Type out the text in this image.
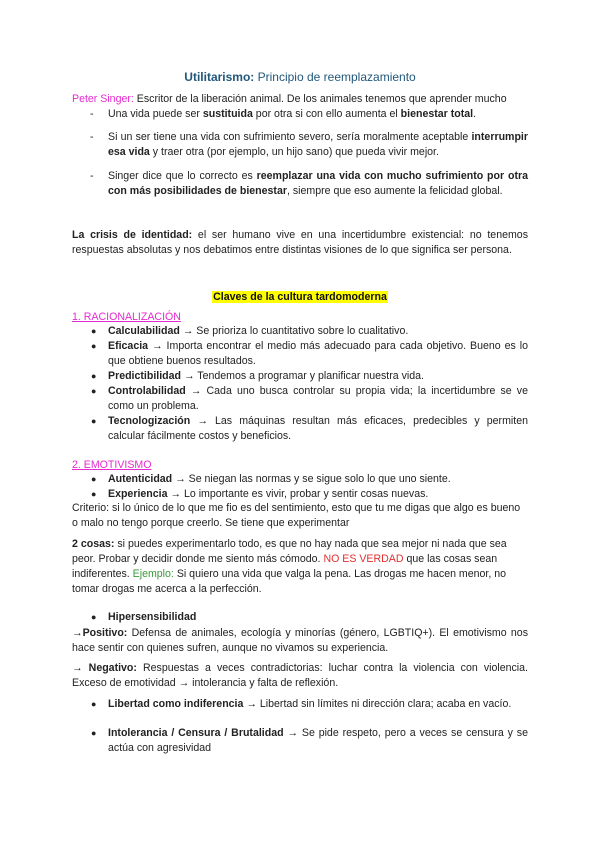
Utilitarismo: Principio de reemplazamiento

Peter Singer: Escritor de la liberación animal. De los animales tenemos que aprender mucho

-	Una vida puede ser sustituida por otra si con ello aumenta el bienestar total.
-	Si un ser tiene una vida con sufrimiento severo, sería moralmente aceptable interrumpir esa vida y traer otra (por ejemplo, un hijo sano) que pueda vivir mejor.
-	Singer dice que lo correcto es reemplazar una vida con mucho sufrimiento por otra con más posibilidades de bienestar, siempre que eso aumente la felicidad global.

La crisis de identidad: el ser humano vive en una incertidumbre existencial: no tenemos respuestas absolutas y nos debatimos entre distintas visiones de lo que significa ser persona.

Claves de la cultura tardomoderna
1. RACIONALIZACIÓN
● Calculabilidad → Se prioriza lo cuantitativo sobre lo cualitativo.
● Eficacia → Importa encontrar el medio más adecuado para cada objetivo. Bueno es lo que obtiene buenos resultados.
● Predictibilidad → Tendemos a programar y planificar nuestra vida.
● Controlabilidad → Cada uno busca controlar su propia vida; la incertidumbre se ve como un problema.
● Tecnologización → Las máquinas resultan más eficaces, predecibles y permiten calcular fácilmente costos y beneficios.
2. EMOTIVISMO
● Autenticidad → Se niegan las normas y se sigue solo lo que uno siente.
● Experiencia → Lo importante es vivir, probar y sentir cosas nuevas.

Criterio: si lo único de lo que me fio es del sentimiento, esto que tu me digas que algo es bueno o malo no tengo porque creerlo. Se tiene que experimentar

2 cosas: si puedes experimentarlo todo, es que no hay nada que sea mejor ni nada que sea peor. Probar y decidir donde me siento más cómodo. NO ES VERDAD que las cosas sean indiferentes. Ejemplo: Si quiero una vida que valga la pena. Las drogas me hacen menor, no tomar drogas me acerca a la perfección.

● Hipersensibilidad

→Positivo: Defensa de animales, ecología y minorías (género, LGBTIQ+). El emotivismo nos hace sentir con quienes sufren, aunque no vivamos su experiencia.

→ Negativo: Respuestas a veces contradictorias: luchar contra la violencia con violencia. Exceso de emotividad → intolerancia y falta de reflexión.

● Libertad como indiferencia → Libertad sin límites ni dirección clara; acaba en vacío.
● Intolerancia / Censura / Brutalidad → Se pide respeto, pero a veces se censura y se actúa con agresividad
